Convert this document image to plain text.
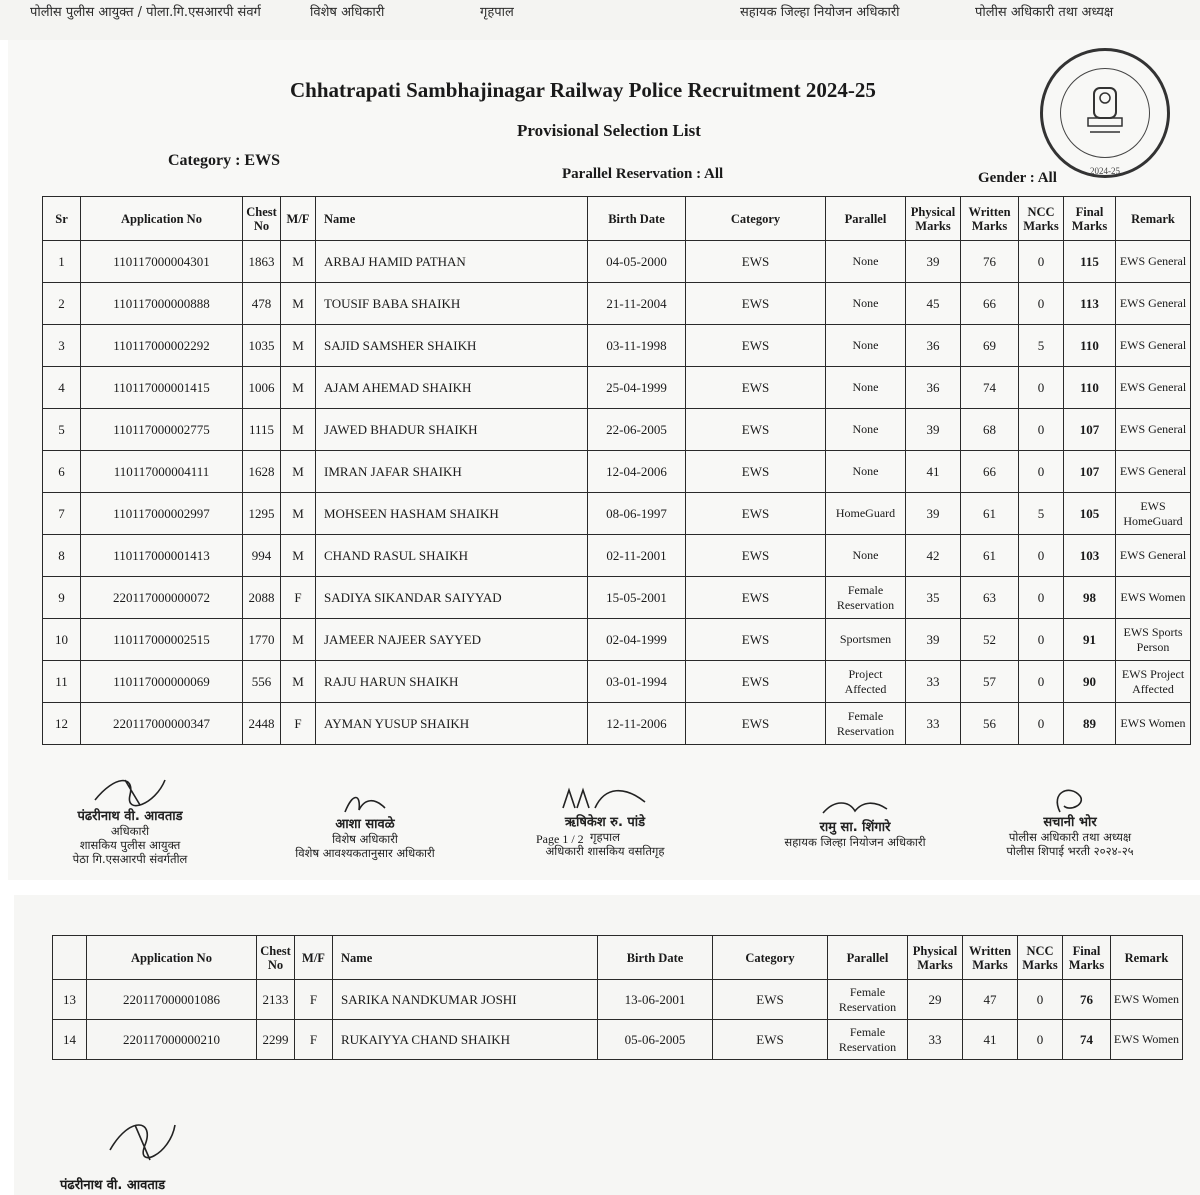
पोलीस पुलीस आयुक्त / पोला.गि.एसआरपी संवर्ग	विशेष अधिकारी	गृहपाल	सहायक जिल्हा नियोजन अधिकारी	पोलीस अधिकारी तथा अध्यक्ष
Chhatrapati Sambhajinagar Railway Police Recruitment 2024-25
Provisional Selection List
Category : EWS
Parallel Reservation : All	Gender : All	2024-25
Sr	Application No	Chest No	M/F	Name	Birth Date	Category	Parallel	Physical Marks	Written Marks	NCC Marks	Final Marks	Remark
1	110117000004301	1863	M	ARBAJ HAMID PATHAN	04-05-2000	EWS	None	39	76	0	115	EWS General
2	110117000000888	478	M	TOUSIF BABA SHAIKH	21-11-2004	EWS	None	45	66	0	113	EWS General
3	110117000002292	1035	M	SAJID SAMSHER SHAIKH	03-11-1998	EWS	None	36	69	5	110	EWS General
4	110117000001415	1006	M	AJAM AHEMAD SHAIKH	25-04-1999	EWS	None	36	74	0	110	EWS General
5	110117000002775	1115	M	JAWED BHADUR SHAIKH	22-06-2005	EWS	None	39	68	0	107	EWS General
6	110117000004111	1628	M	IMRAN JAFAR SHAIKH	12-04-2006	EWS	None	41	66	0	107	EWS General
7	110117000002997	1295	M	MOHSEEN HASHAM SHAIKH	08-06-1997	EWS	HomeGuard	39	61	5	105	EWS HomeGuard
8	110117000001413	994	M	CHAND RASUL SHAIKH	02-11-2001	EWS	None	42	61	0	103	EWS General
9	220117000000072	2088	F	SADIYA SIKANDAR SAIYYAD	15-05-2001	EWS	Female Reservation	35	63	0	98	EWS Women
10	110117000002515	1770	M	JAMEER NAJEER SAYYED	02-04-1999	EWS	Sportsmen	39	52	0	91	EWS Sports Person
11	110117000000069	556	M	RAJU HARUN SHAIKH	03-01-1994	EWS	Project Affected	33	57	0	90	EWS Project Affected
12	220117000000347	2448	F	AYMAN YUSUP SHAIKH	12-11-2006	EWS	Female Reservation	33	56	0	89	EWS Women
पंढरीनाथ वी. आवताड
अधिकारी
शासकिय पुलीस आयुक्त
पेठा गि.एसआरपी संवर्गतील
आशा सावळे
विशेष अधिकारी
विशेष आवश्यकतानुसार अधिकारी
ऋषिकेश रु. पांडे
गृहपाल
अधिकारी शासकिय वसतिगृह
रामु सा. शिंगारे
सहायक जिल्हा नियोजन अधिकारी
सचानी भोर
पोलीस अधिकारी तथा अध्यक्ष
पोलीस शिपाई भरती २०२४-२५
Page 1 / 2
	Application No	Chest No	M/F	Name	Birth Date	Category	Parallel	Physical Marks	Written Marks	NCC Marks	Final Marks	Remark
13	220117000001086	2133	F	SARIKA NANDKUMAR JOSHI	13-06-2001	EWS	Female Reservation	29	47	0	76	EWS Women
14	220117000000210	2299	F	RUKAIYYA CHAND SHAIKH	05-06-2005	EWS	Female Reservation	33	41	0	74	EWS Women
पंढरीनाथ वी. आवताड
